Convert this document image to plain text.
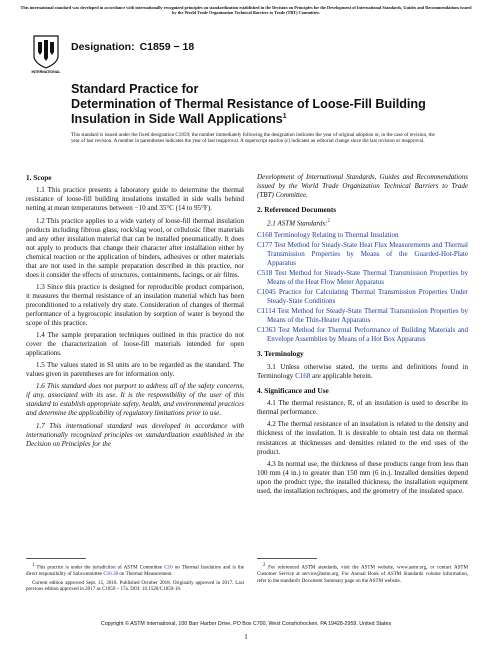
This international standard was developed in accordance with internationally recognized principles on standardization established in the Decision on Principles for the Development of International Standards, Guides and Recommendations issued by the World Trade Organization Technical Barriers to Trade (TBT) Committee.
INTERNATIONAL
Designation: C1859 − 18
Standard Practice for
Determination of Thermal Resistance of Loose-Fill Building Insulation in Side Wall Applications$^1$
This standard is issued under the fixed designation C1859; the number immediately following the designation indicates the year of original adoption or, in the case of revision, the year of last revision. A number in parentheses indicates the year of last reapproval. A superscript epsilon (ε) indicates an editorial change since the last revision or reapproval.
1. Scope

1.1 This practice presents a laboratory guide to determine the thermal resistance of loose-fill building insulations installed in side walls behind netting at mean temperatures between −10 and 35°C (14 to 95°F).

1.2 This practice applies to a wide variety of loose-fill thermal insulation products including fibrous glass, rock/slag wool, or cellulosic fiber materials and any other insulation material that can be installed pneumatically. It does not apply to products that change their character after installation either by chemical reaction or the application of binders, adhesives or other materials that are not used in the sample preparation described in this practice, nor does it consider the effects of structures, containments, facings, or air films.

1.3 Since this practice is designed for reproducible product comparison, it measures the thermal resistance of an insulation material which has been preconditioned to a relatively dry state. Consideration of changes of thermal performance of a hygroscopic insulation by sorption of water is beyond the scope of this practice.

1.4 The sample preparation techniques outlined in this practice do not cover the characterization of loose-fill materials intended for open applications.

1.5 The values stated in SI units are to be regarded as the standard. The values given in parentheses are for information only.

1.6 This standard does not purport to address all of the safety concerns, if any, associated with its use. It is the responsibility of the user of this standard to establish appropriate safety, health, and environmental practices and determine the applicability of regulatory limitations prior to use.

1.7 This international standard was developed in accordance with internationally recognized principles on standardization established in the Decision on Principles for the

Development of International Standards, Guides and Recommendations issued by the World Trade Organization Technical Barriers to Trade (TBT) Committee.

2. Referenced Documents

2.1 ASTM Standards:$^2$

C168 Terminology Relating to Thermal Insulation
C177 Test Method for Steady-State Heat Flux Measurements and Thermal Transmission Properties by Means of the Guarded-Hot-Plate Apparatus
C518 Test Method for Steady-State Thermal Transmission Properties by Means of the Heat Flow Meter Apparatus
C1045 Practice for Calculating Thermal Transmission Properties Under Steady-State Conditions
C1114 Test Method for Steady-State Thermal Transmission Properties by Means of the Thin-Heater Apparatus
C1363 Test Method for Thermal Performance of Building Materials and Envelope Assemblies by Means of a Hot Box Apparatus
3. Terminology

3.1 Unless otherwise stated, the terms and definitions found in Terminology C168 are applicable herein.

4. Significance and Use

4.1 The thermal resistance, R, of an insulation is used to describe its thermal performance.

4.2 The thermal resistance of an insulation is related to the density and thickness of the insulation. It is desirable to obtain test data on thermal resistances at thicknesses and densities related to the end uses of the product.

4.3 In normal use, the thickness of these products range from less than 100 mm (4 in.) to greater than 150 mm (6 in.). Installed densities depend upon the product type, the installed thickness, the installation equipment used, the installation techniques, and the geometry of the insulated space.

$^1$ This practice is under the jurisdiction of ASTM Committee C16 on Thermal Insulation and is the direct responsibility of Subcommittee C16.30 on Thermal Measurement.

Current edition approved Sept. 15, 2018. Published October 2018. Originally approved in 2017. Last previous edition approved in 2017 as C1859 – 17a. DOI: 10.1520/C1859-18.

$^2$ For referenced ASTM standards, visit the ASTM website, www.astm.org, or contact ASTM Customer Service at service@astm.org. For Annual Book of ASTM Standards volume information, refer to the standard's Document Summary page on the ASTM website.

Copyright © ASTM International, 100 Barr Harbor Drive, PO Box C700, West Conshohocken, PA 19428-2959. United States
1
